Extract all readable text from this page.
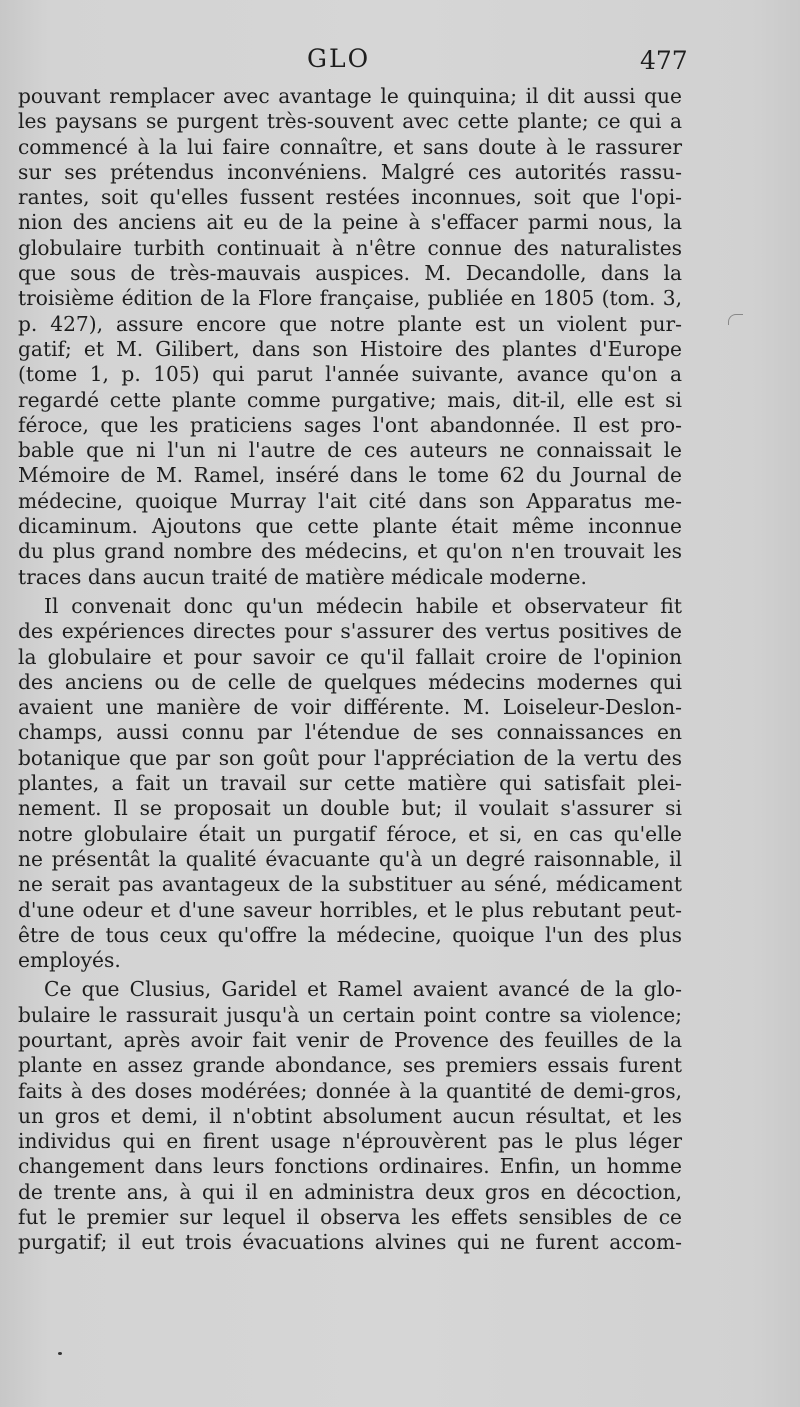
GLO	477
pouvant remplacer avec avantage le quinquina; il dit aussi que
les paysans se purgent très-souvent avec cette plante; ce qui a
commencé à la lui faire connaître, et sans doute à le rassurer
sur ses prétendus inconvéniens. Malgré ces autorités rassu-
rantes, soit qu'elles fussent restées inconnues, soit que l'opi-
nion des anciens ait eu de la peine à s'effacer parmi nous, la
globulaire turbith continuait à n'être connue des naturalistes
que sous de très-mauvais auspices. M. Decandolle, dans la
troisième édition de la Flore française, publiée en 1805 (tom. 3,
p. 427), assure encore que notre plante est un violent pur-
gatif; et M. Gilibert, dans son Histoire des plantes d'Europe
(tome 1, p. 105) qui parut l'année suivante, avance qu'on a
regardé cette plante comme purgative; mais, dit-il, elle est si
féroce, que les praticiens sages l'ont abandonnée. Il est pro-
bable que ni l'un ni l'autre de ces auteurs ne connaissait le
Mémoire de M. Ramel, inséré dans le tome 62 du Journal de
médecine, quoique Murray l'ait cité dans son Apparatus me-
dicaminum. Ajoutons que cette plante était même inconnue
du plus grand nombre des médecins, et qu'on n'en trouvait les
traces dans aucun traité de matière médicale moderne.
Il convenait donc qu'un médecin habile et observateur fit
des expériences directes pour s'assurer des vertus positives de
la globulaire et pour savoir ce qu'il fallait croire de l'opinion
des anciens ou de celle de quelques médecins modernes qui
avaient une manière de voir différente. M. Loiseleur-Deslon-
champs, aussi connu par l'étendue de ses connaissances en
botanique que par son goût pour l'appréciation de la vertu des
plantes, a fait un travail sur cette matière qui satisfait plei-
nement. Il se proposait un double but; il voulait s'assurer si
notre globulaire était un purgatif féroce, et si, en cas qu'elle
ne présentât la qualité évacuante qu'à un degré raisonnable, il
ne serait pas avantageux de la substituer au séné, médicament
d'une odeur et d'une saveur horribles, et le plus rebutant peut-
être de tous ceux qu'offre la médecine, quoique l'un des plus
employés.
Ce que Clusius, Garidel et Ramel avaient avancé de la glo-
bulaire le rassurait jusqu'à un certain point contre sa violence;
pourtant, après avoir fait venir de Provence des feuilles de la
plante en assez grande abondance, ses premiers essais furent
faits à des doses modérées; donnée à la quantité de demi-gros,
un gros et demi, il n'obtint absolument aucun résultat, et les
individus qui en firent usage n'éprouvèrent pas le plus léger
changement dans leurs fonctions ordinaires. Enfin, un homme
de trente ans, à qui il en administra deux gros en décoction,
fut le premier sur lequel il observa les effets sensibles de ce
purgatif; il eut trois évacuations alvines qui ne furent accom-
